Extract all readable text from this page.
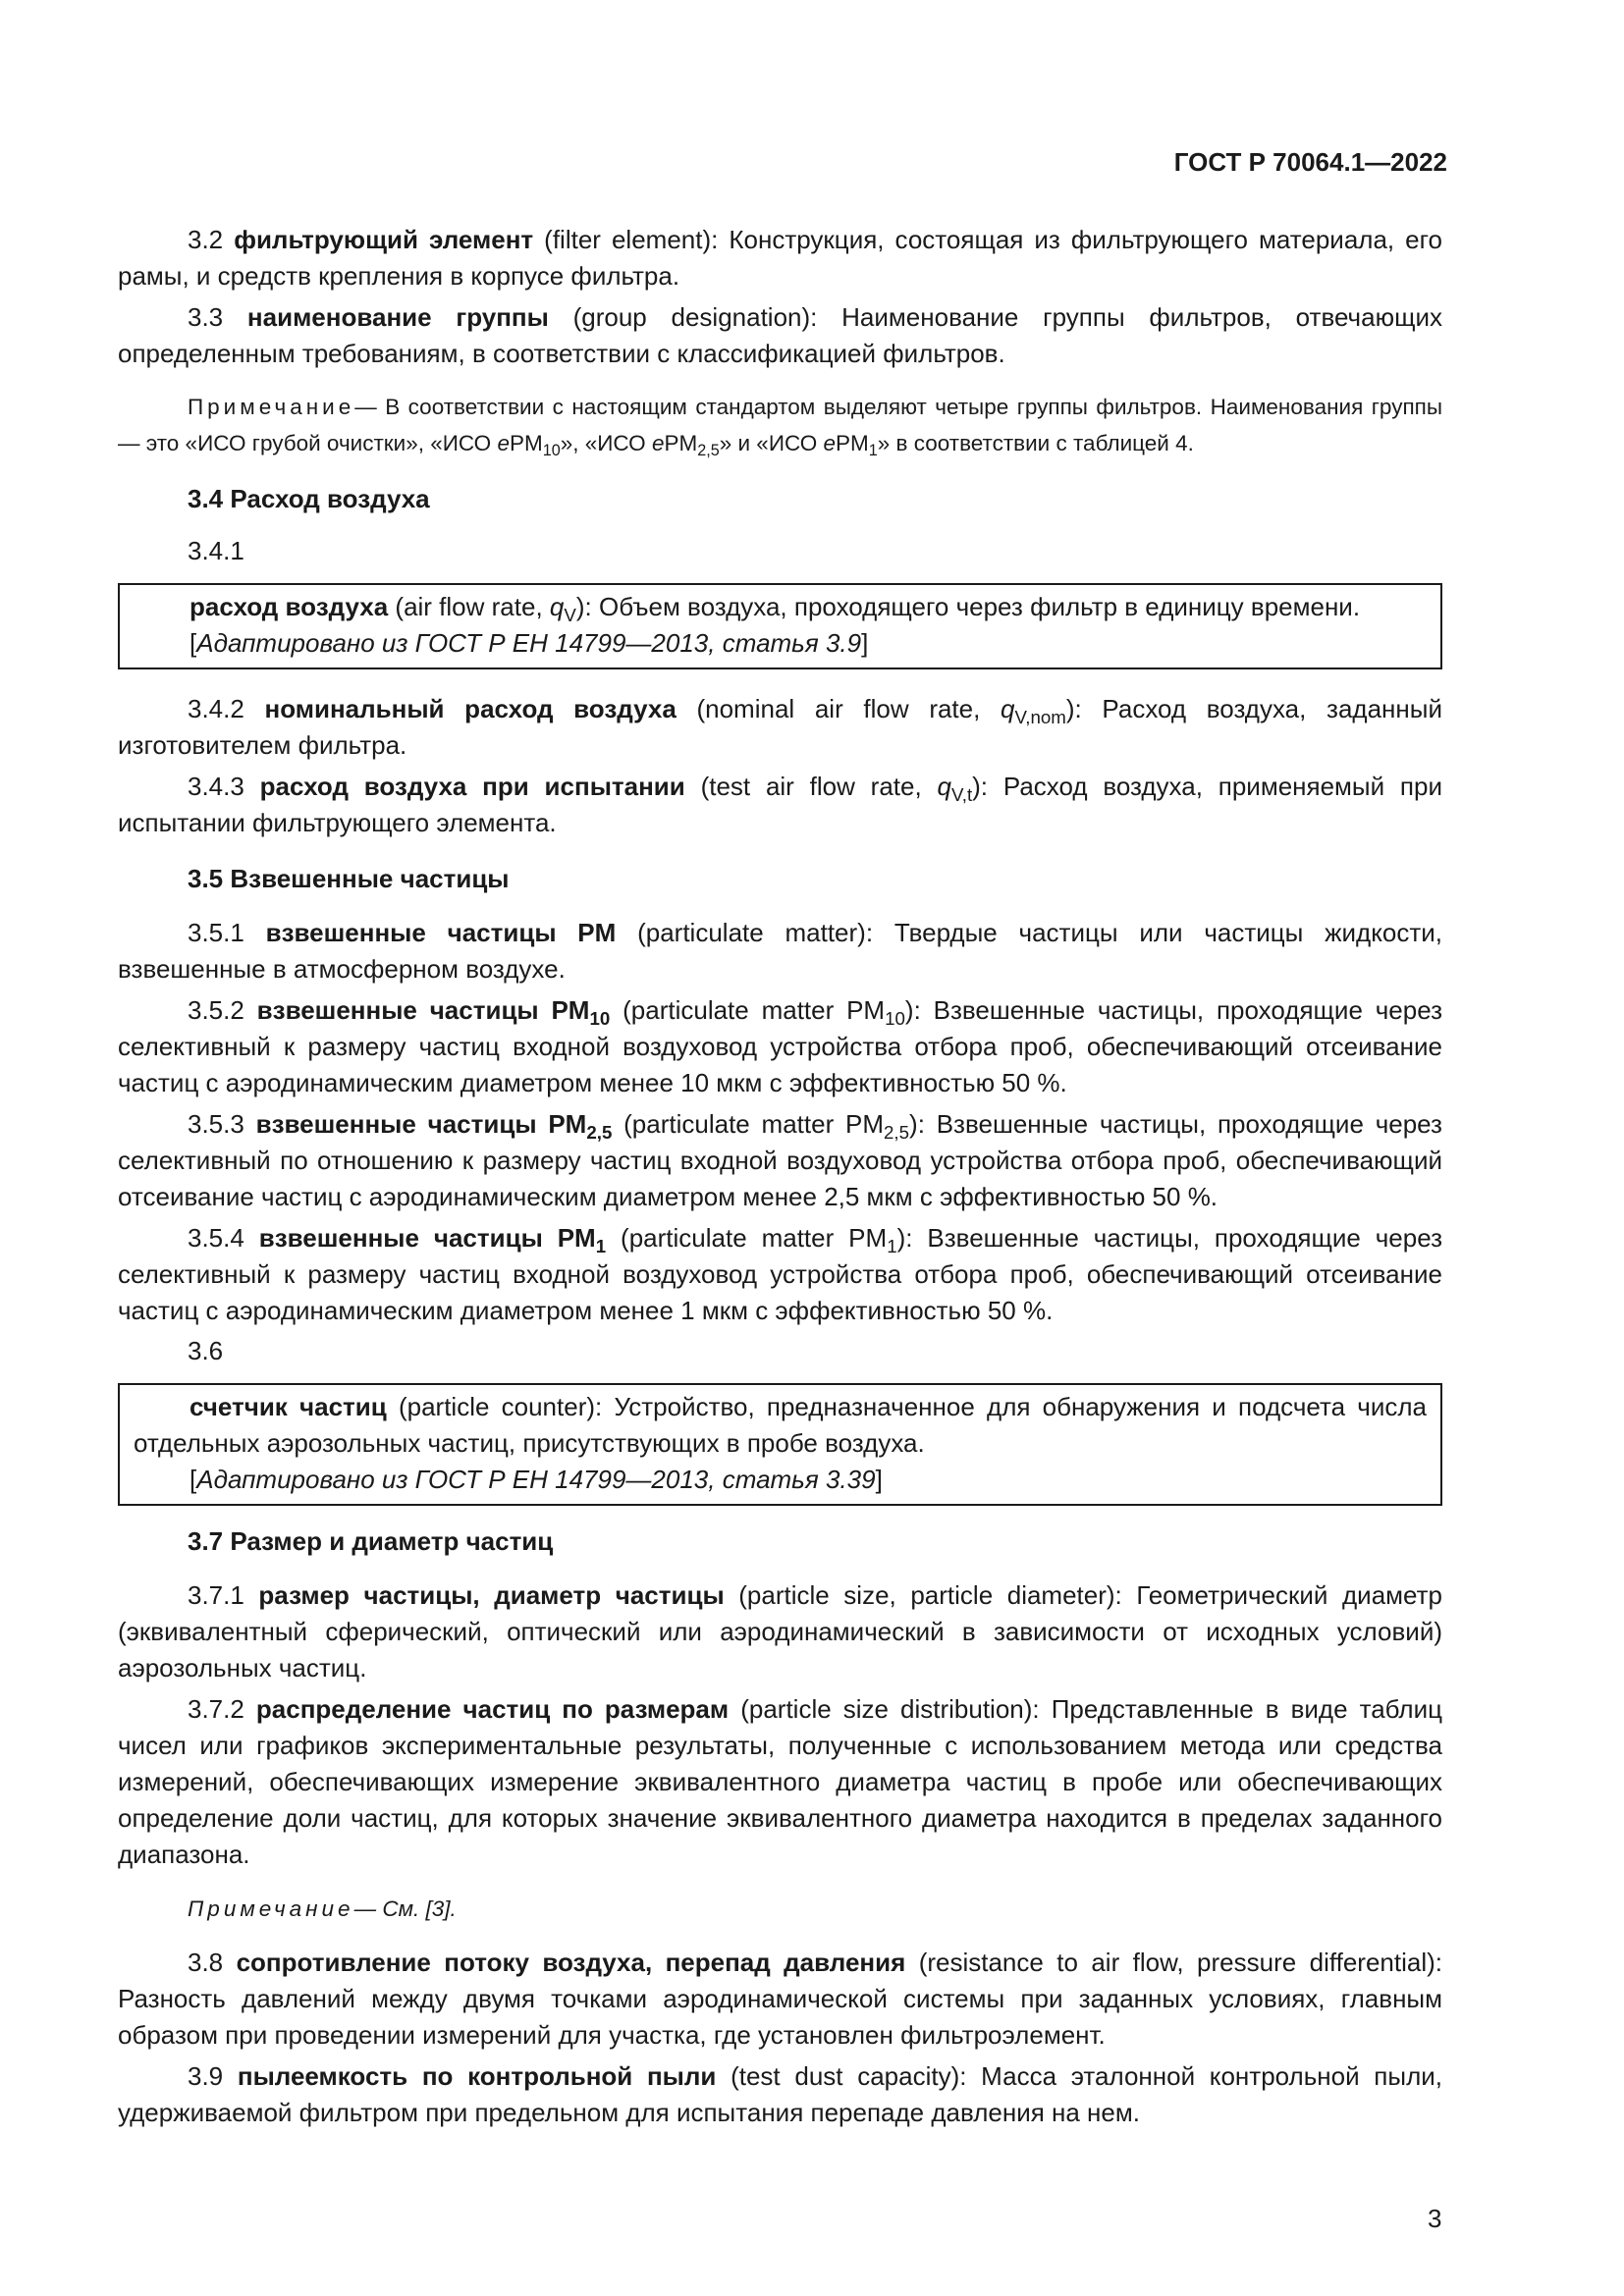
ГОСТ Р 70064.1—2022

3.2 фильтрующий элемент (filter element): Конструкция, состоящая из фильтрующего материала, его рамы, и средств крепления в корпусе фильтра.

3.3 наименование группы (group designation): Наименование группы фильтров, отвечающих определенным требованиям, в соответствии с классификацией фильтров.

Примечание— В соответствии с настоящим стандартом выделяют четыре группы фильтров. Наименования группы — это «ИСО грубой очистки», «ИСО ePM$_{10}$», «ИСО ePM$_{2,5}$» и «ИСО ePM$_1$» в соответствии с таблицей 4.

3.4 Расход воздуха

3.4.1

расход воздуха (air flow rate, $q_V$): Объем воздуха, проходящего через фильтр в единицу времени.

[Адаптировано из ГОСТ Р ЕН 14799—2013, статья 3.9]

3.4.2 номинальный расход воздуха (nominal air flow rate, $q_{V,nom}$): Расход воздуха, заданный изготовителем фильтра.

3.4.3 расход воздуха при испытании (test air flow rate, $q_{V,t}$): Расход воздуха, применяемый при испытании фильтрующего элемента.

3.5 Взвешенные частицы

3.5.1 взвешенные частицы PM (particulate matter): Твердые частицы или частицы жидкости, взвешенные в атмосферном воздухе.

3.5.2 взвешенные частицы $PM_{10}$ (particulate matter $PM_{10}$): Взвешенные частицы, проходящие через селективный к размеру частиц входной воздуховод устройства отбора проб, обеспечивающий отсеивание частиц с аэродинамическим диаметром менее 10 мкм с эффективностью 50 %.

3.5.3 взвешенные частицы $PM_{2,5}$ (particulate matter $PM_{2,5}$): Взвешенные частицы, проходящие через селективный по отношению к размеру частиц входной воздуховод устройства отбора проб, обеспечивающий отсеивание частиц с аэродинамическим диаметром менее 2,5 мкм с эффективностью 50 %.

3.5.4 взвешенные частицы $PM_1$ (particulate matter $PM_1$): Взвешенные частицы, проходящие через селективный к размеру частиц входной воздуховод устройства отбора проб, обеспечивающий отсеивание частиц с аэродинамическим диаметром менее 1 мкм с эффективностью 50 %.

3.6

счетчик частиц (particle counter): Устройство, предназначенное для обнаружения и подсчета числа отдельных аэрозольных частиц, присутствующих в пробе воздуха.

[Адаптировано из ГОСТ Р ЕН 14799—2013, статья 3.39]

3.7 Размер и диаметр частиц

3.7.1 размер частицы, диаметр частицы (particle size, particle diameter): Геометрический диаметр (эквивалентный сферический, оптический или аэродинамический в зависимости от исходных условий) аэрозольных частиц.

3.7.2 распределение частиц по размерам (particle size distribution): Представленные в виде таблиц чисел или графиков экспериментальные результаты, полученные с использованием метода или средства измерений, обеспечивающих измерение эквивалентного диаметра частиц в пробе или обеспечивающих определение доли частиц, для которых значение эквивалентного диаметра находится в пределах заданного диапазона.

Примечание— См. [3].

3.8 сопротивление потоку воздуха, перепад давления (resistance to air flow, pressure differential): Разность давлений между двумя точками аэродинамической системы при заданных условиях, главным образом при проведении измерений для участка, где установлен фильтроэлемент.

3.9 пылеемкость по контрольной пыли (test dust capacity): Масса эталонной контрольной пыли, удерживаемой фильтром при предельном для испытания перепаде давления на нем.

3
